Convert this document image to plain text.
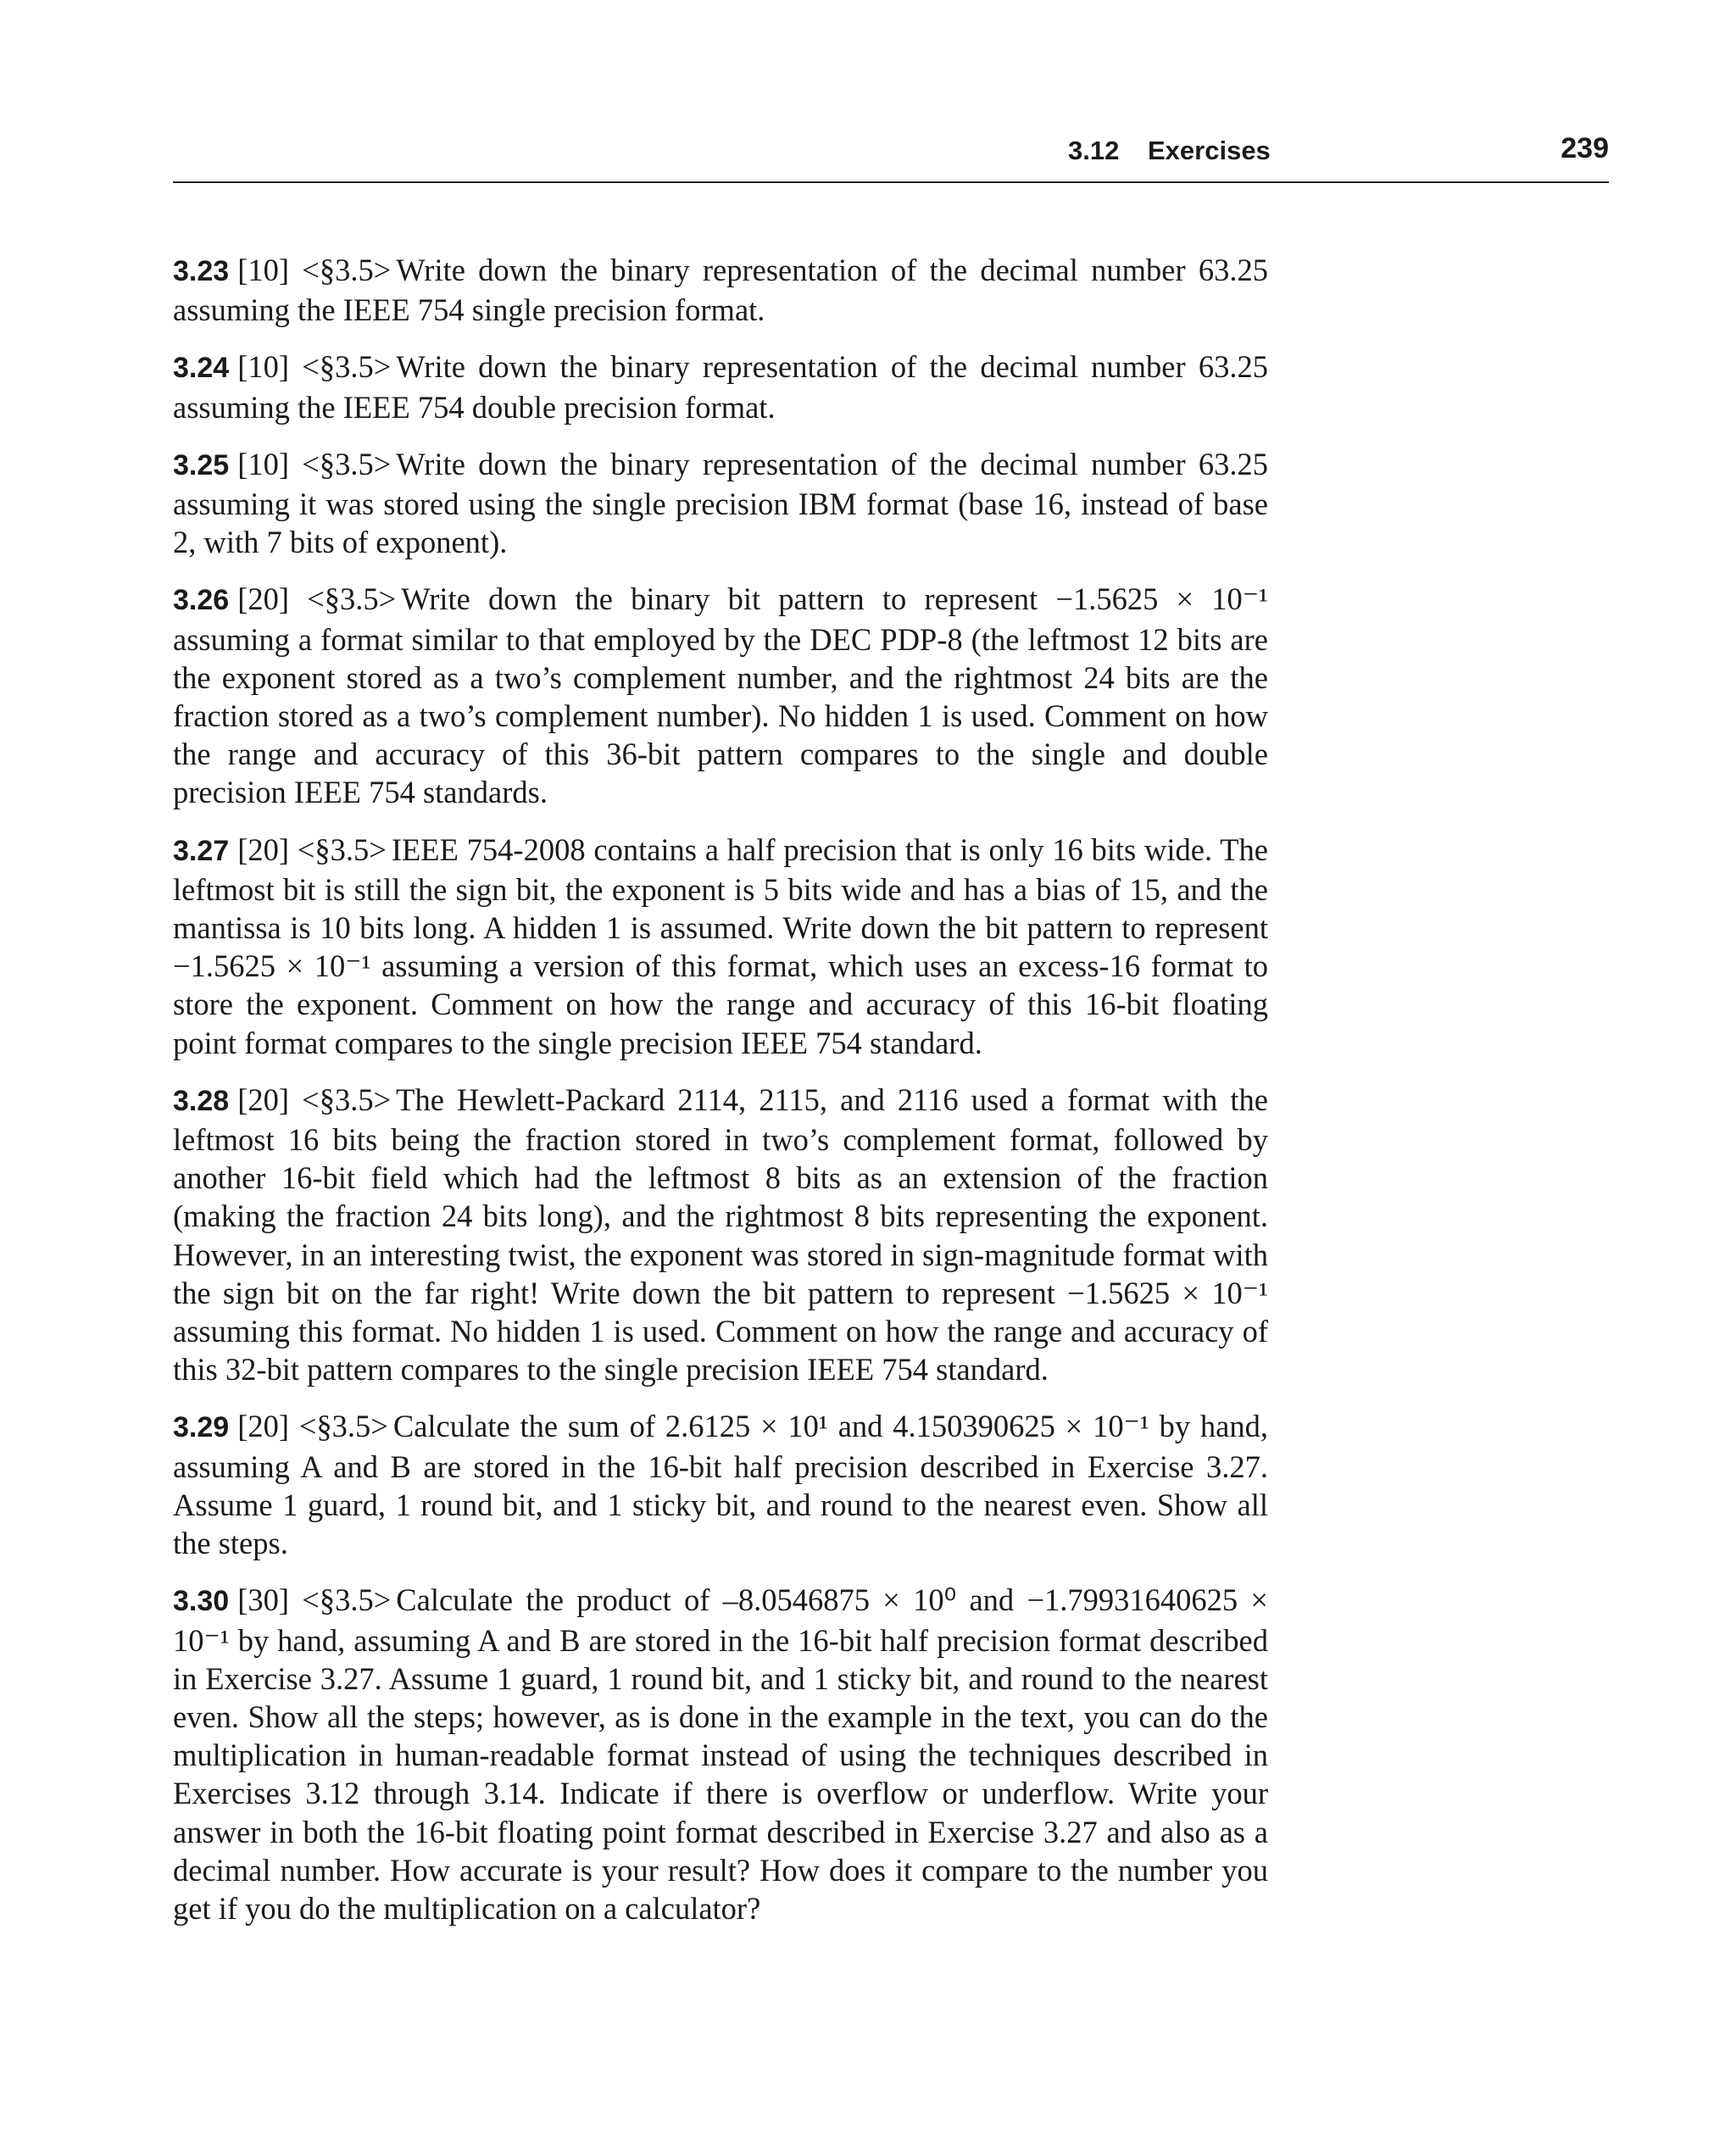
3.12 Exercises	239

3.23 [10] <§3.5> Write down the binary representation of the decimal number 63.25 assuming the IEEE 754 single precision format.

3.24 [10] <§3.5> Write down the binary representation of the decimal number 63.25 assuming the IEEE 754 double precision format.

3.25 [10] <§3.5> Write down the binary representation of the decimal number 63.25 assuming it was stored using the single precision IBM format (base 16, instead of base 2, with 7 bits of exponent).

3.26 [20] <§3.5> Write down the binary bit pattern to represent −1.5625 × 10⁻¹ assuming a format similar to that employed by the DEC PDP-8 (the leftmost 12 bits are the exponent stored as a two’s complement number, and the rightmost 24 bits are the fraction stored as a two’s complement number). No hidden 1 is used. Comment on how the range and accuracy of this 36-bit pattern compares to the single and double precision IEEE 754 standards.

3.27 [20] <§3.5> IEEE 754-2008 contains a half precision that is only 16 bits wide. The leftmost bit is still the sign bit, the exponent is 5 bits wide and has a bias of 15, and the mantissa is 10 bits long. A hidden 1 is assumed. Write down the bit pattern to represent −1.5625 × 10⁻¹ assuming a version of this format, which uses an excess-16 format to store the exponent. Comment on how the range and accuracy of this 16-bit floating point format compares to the single precision IEEE 754 standard.

3.28 [20] <§3.5> The Hewlett-Packard 2114, 2115, and 2116 used a format with the leftmost 16 bits being the fraction stored in two’s complement format, followed by another 16-bit field which had the leftmost 8 bits as an extension of the fraction (making the fraction 24 bits long), and the rightmost 8 bits representing the exponent. However, in an interesting twist, the exponent was stored in sign-magnitude format with the sign bit on the far right! Write down the bit pattern to represent −1.5625 × 10⁻¹ assuming this format. No hidden 1 is used. Comment on how the range and accuracy of this 32-bit pattern compares to the single precision IEEE 754 standard.

3.29 [20] <§3.5> Calculate the sum of 2.6125 × 10¹ and 4.150390625 × 10⁻¹ by hand, assuming A and B are stored in the 16-bit half precision described in Exercise 3.27. Assume 1 guard, 1 round bit, and 1 sticky bit, and round to the nearest even. Show all the steps.

3.30 [30] <§3.5> Calculate the product of –8.0546875 × 10⁰ and −1.79931640625 × 10⁻¹ by hand, assuming A and B are stored in the 16-bit half precision format described in Exercise 3.27. Assume 1 guard, 1 round bit, and 1 sticky bit, and round to the nearest even. Show all the steps; however, as is done in the example in the text, you can do the multiplication in human-readable format instead of using the techniques described in Exercises 3.12 through 3.14. Indicate if there is overflow or underflow. Write your answer in both the 16-bit floating point format described in Exercise 3.27 and also as a decimal number. How accurate is your result? How does it compare to the number you get if you do the multiplication on a calculator?
